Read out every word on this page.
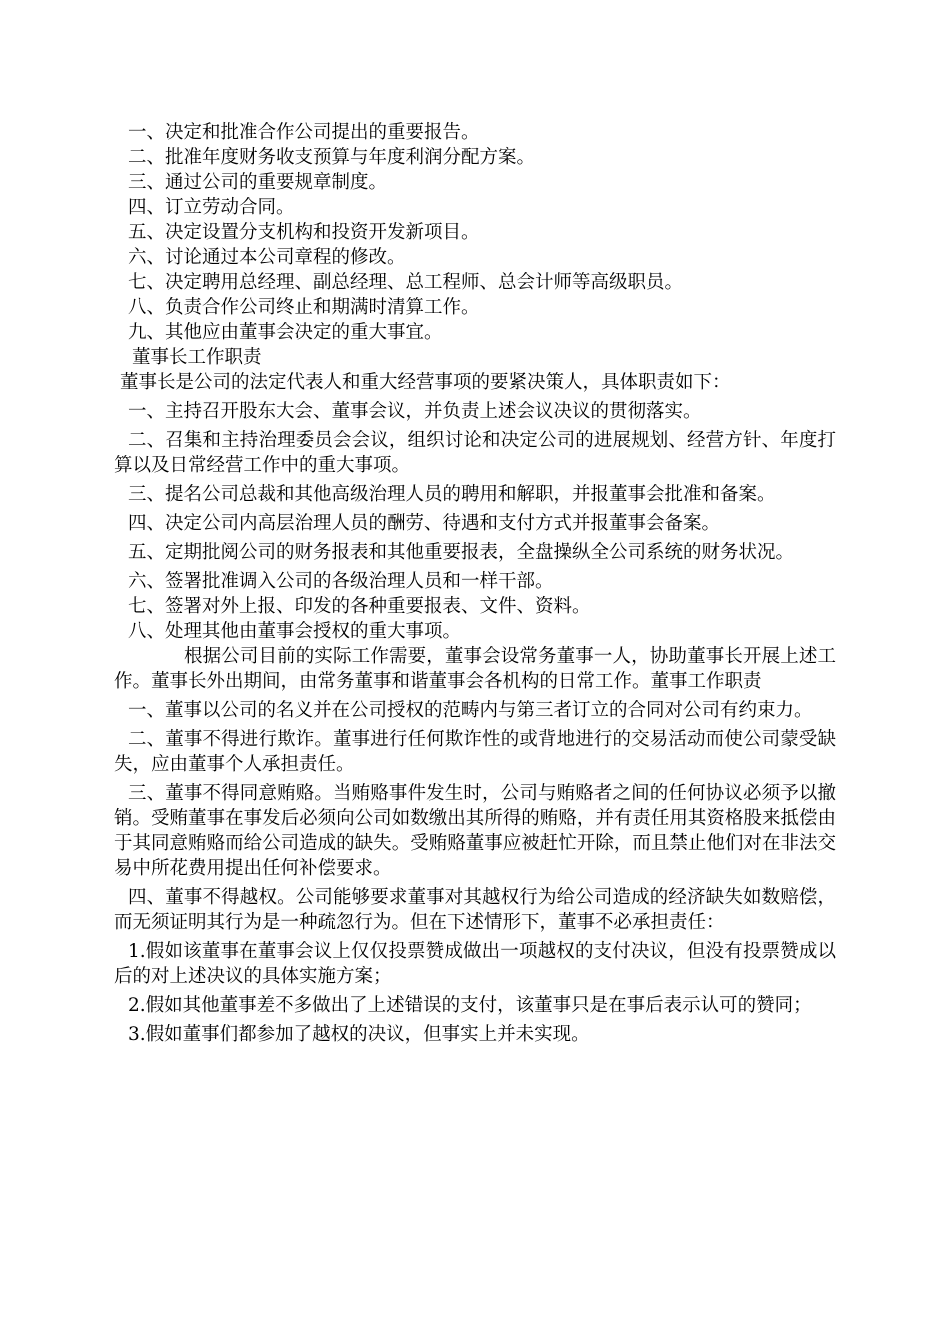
一、决定和批准合作公司提出的重要报告。
二、批准年度财务收支预算与年度利润分配方案。
三、通过公司的重要规章制度。
四、订立劳动合同。
五、决定设置分支机构和投资开发新项目。
六、讨论通过本公司章程的修改。
七、决定聘用总经理、副总经理、总工程师、总会计师等高级职员。
八、负责合作公司终止和期满时清算工作。
九、其他应由董事会决定的重大事宜。
董事长工作职责
董事长是公司的法定代表人和重大经营事项的要紧决策人，具体职责如下：
一、主持召开股东大会、董事会议，并负责上述会议决议的贯彻落实。
二、召集和主持治理委员会会议，组织讨论和决定公司的进展规划、经营方针、年度打算以及日常经营工作中的重大事项。
三、提名公司总裁和其他高级治理人员的聘用和解职，并报董事会批准和备案。
四、决定公司内高层治理人员的酬劳、待遇和支付方式并报董事会备案。
五、定期批阅公司的财务报表和其他重要报表，全盘操纵全公司系统的财务状况。
六、签署批准调入公司的各级治理人员和一样干部。
七、签署对外上报、印发的各种重要报表、文件、资料。
八、处理其他由董事会授权的重大事项。
根据公司目前的实际工作需要，董事会设常务董事一人，协助董事长开展上述工作。董事长外出期间，由常务董事和谐董事会各机构的日常工作。董事工作职责
一、董事以公司的名义并在公司授权的范畴内与第三者订立的合同对公司有约束力。
二、董事不得进行欺诈。董事进行任何欺诈性的或背地进行的交易活动而使公司蒙受缺失，应由董事个人承担责任。
三、董事不得同意贿赂。当贿赂事件发生时，公司与贿赂者之间的任何协议必须予以撤销。受贿董事在事发后必须向公司如数缴出其所得的贿赂，并有责任用其资格股来抵偿由于其同意贿赂而给公司造成的缺失。受贿赂董事应被赶忙开除，而且禁止他们对在非法交易中所花费用提出任何补偿要求。
四、董事不得越权。公司能够要求董事对其越权行为给公司造成的经济缺失如数赔偿，而无须证明其行为是一种疏忽行为。但在下述情形下，董事不必承担责任：
1.假如该董事在董事会议上仅仅投票赞成做出一项越权的支付决议，但没有投票赞成以后的对上述决议的具体实施方案；
2.假如其他董事差不多做出了上述错误的支付，该董事只是在事后表示认可的赞同；
3.假如董事们都参加了越权的决议，但事实上并未实现。
